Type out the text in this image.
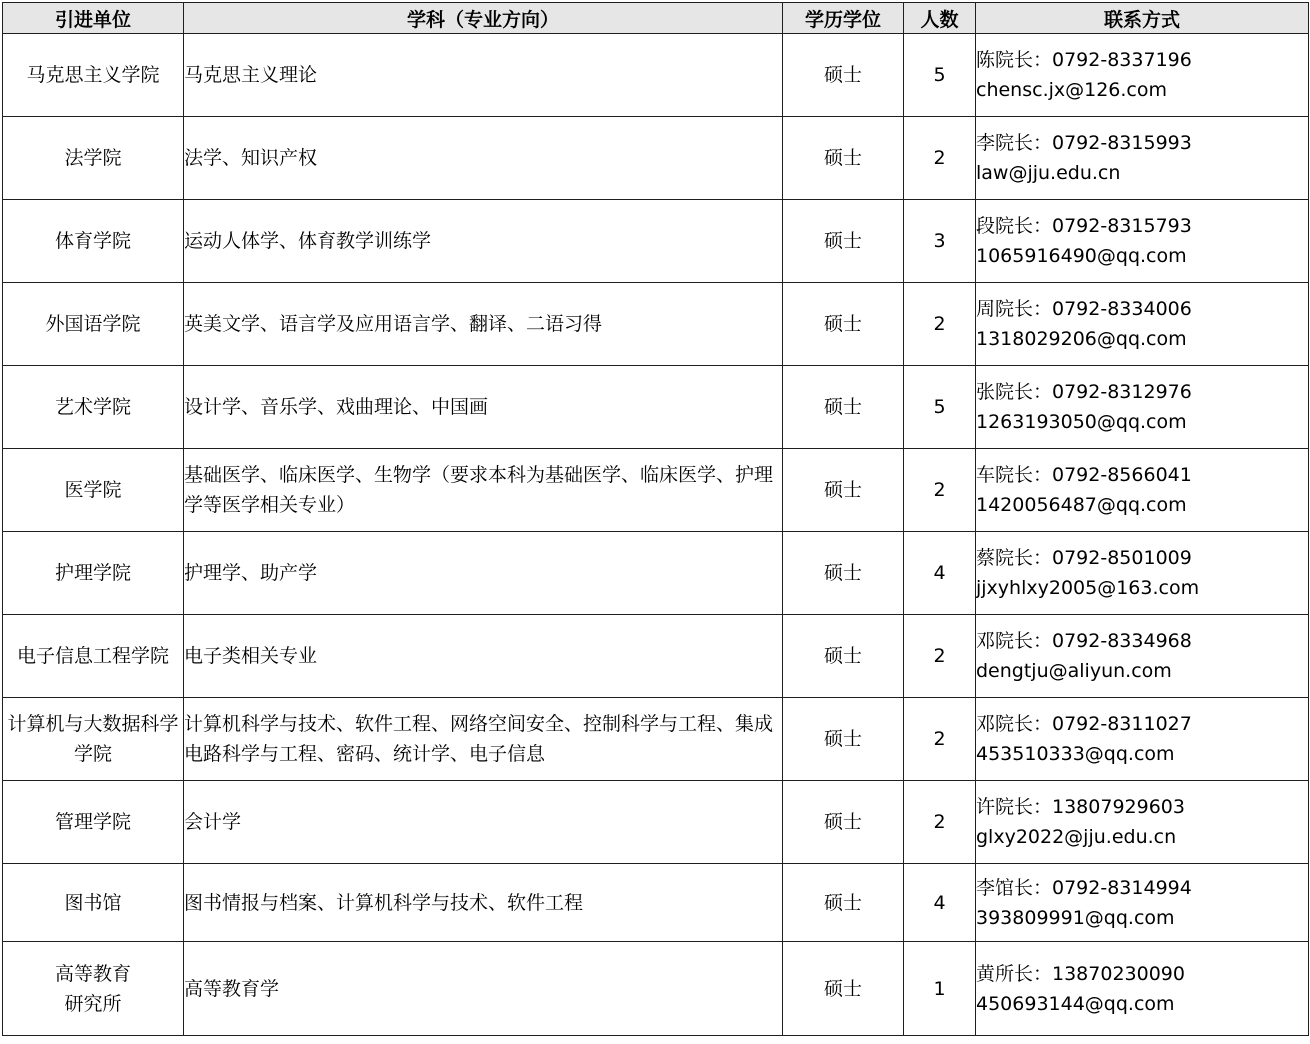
引进单位	学科（专业方向）	学历学位	人数	联系方式
马克思主义学院	马克思主义理论	硕士	5	陈院长：0792-8337196
chensc.jx@126.com

法学院	法学、知识产权	硕士	2	李院长：0792-8315993
law@jju.edu.cn

体育学院	运动人体学、体育教学训练学	硕士	3	段院长：0792-8315793
1065916490@qq.com

外国语学院	英美文学、语言学及应用语言学、翻译、二语习得	硕士	2	周院长：0792-8334006
1318029206@qq.com

艺术学院	设计学、音乐学、戏曲理论、中国画	硕士	5	张院长：0792-8312976
1263193050@qq.com

医学院	基础医学、临床医学、生物学（要求本科为基础医学、临床医学、护理学等医学相关专业）	硕士	2	车院长：0792-8566041
1420056487@qq.com

护理学院	护理学、助产学	硕士	4	蔡院长：0792-8501009
jjxyhlxy2005@163.com

电子信息工程学院	电子类相关专业	硕士	2	邓院长：0792-8334968
dengtju@aliyun.com

计算机与大数据科学学院	计算机科学与技术、软件工程、网络空间安全、控制科学与工程、集成电路科学与工程、密码、统计学、电子信息	硕士	2	邓院长：0792-8311027
453510333@qq.com

管理学院	会计学	硕士	2	许院长：13807929603
glxy2022@jju.edu.cn

图书馆	图书情报与档案、计算机科学与技术、软件工程	硕士	4	李馆长：0792-8314994
393809991@qq.com

高等教育
研究所	高等教育学	硕士	1	黄所长：13870230090
450693144@qq.com
